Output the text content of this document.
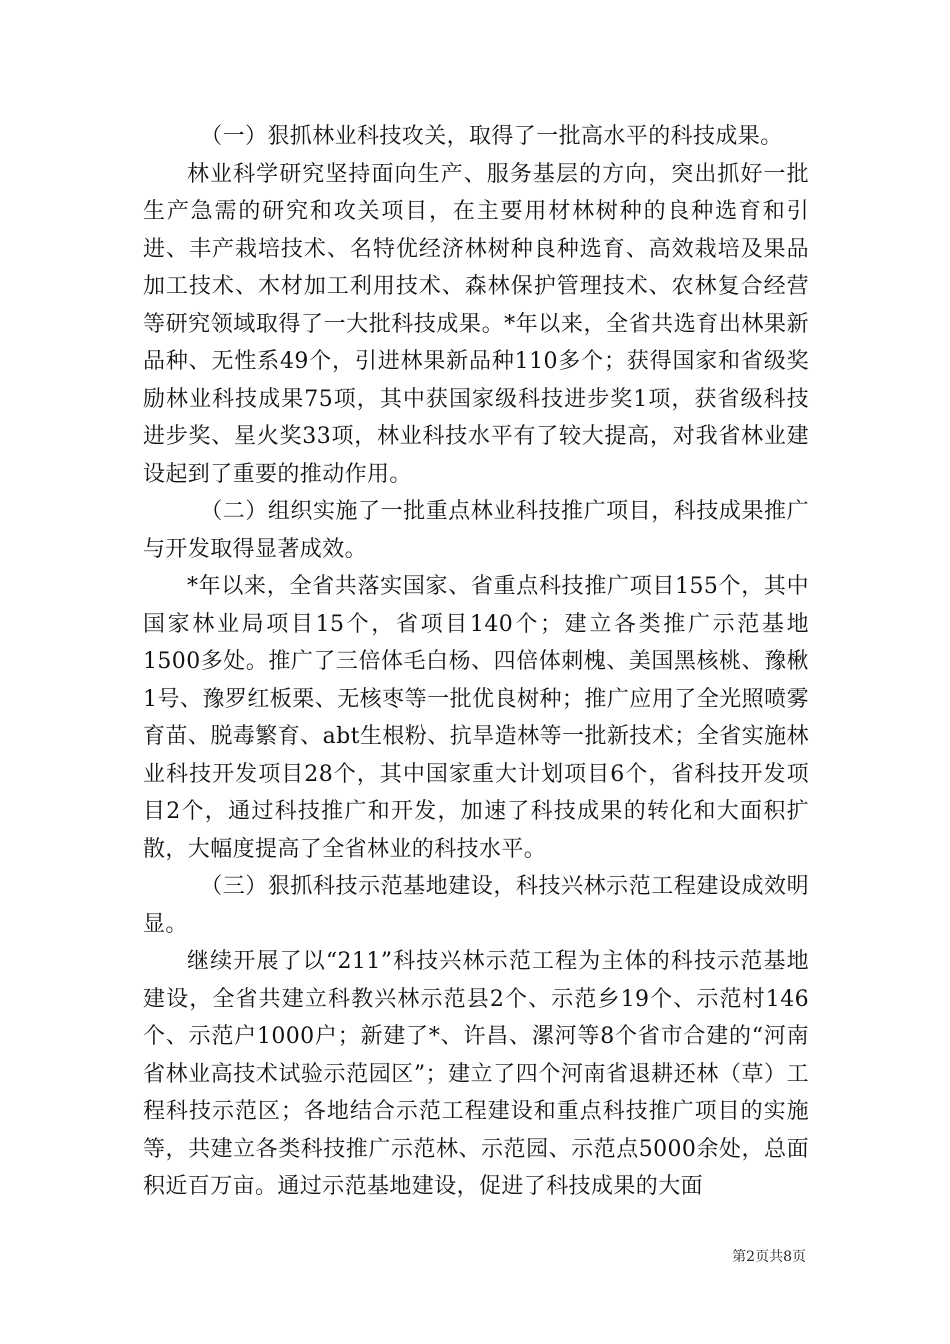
（一）狠抓林业科技攻关，取得了一批高水平的科技成果。

林业科学研究坚持面向生产、服务基层的方向，突出抓好一批生产急需的研究和攻关项目，在主要用材林树种的良种选育和引进、丰产栽培技术、名特优经济林树种良种选育、高效栽培及果品加工技术、木材加工利用技术、森林保护管理技术、农林复合经营等研究领域取得了一大批科技成果。*年以来，全省共选育出林果新品种、无性系49个，引进林果新品种110多个；获得国家和省级奖励林业科技成果75项，其中获国家级科技进步奖1项，获省级科技进步奖、星火奖33项，林业科技水平有了较大提高，对我省林业建设起到了重要的推动作用。

（二）组织实施了一批重点林业科技推广项目，科技成果推广与开发取得显著成效。

*年以来，全省共落实国家、省重点科技推广项目155个，其中国家林业局项目15个，省项目140个；建立各类推广示范基地1500多处。推广了三倍体毛白杨、四倍体刺槐、美国黑核桃、豫楸1号、豫罗红板栗、无核枣等一批优良树种；推广应用了全光照喷雾育苗、脱毒繁育、abt生根粉、抗旱造林等一批新技术；全省实施林业科技开发项目28个，其中国家重大计划项目6个，省科技开发项目2个，通过科技推广和开发，加速了科技成果的转化和大面积扩散，大幅度提高了全省林业的科技水平。

（三）狠抓科技示范基地建设，科技兴林示范工程建设成效明显。

继续开展了以“211”科技兴林示范工程为主体的科技示范基地建设，全省共建立科教兴林示范县2个、示范乡19个、示范村146个、示范户1000户；新建了*、许昌、漯河等8个省市合建的“河南省林业高技术试验示范园区”；建立了四个河南省退耕还林（草）工程科技示范区；各地结合示范工程建设和重点科技推广项目的实施等，共建立各类科技推广示范林、示范园、示范点5000余处，总面积近百万亩。通过示范基地建设，促进了科技成果的大面

第2页共8页
